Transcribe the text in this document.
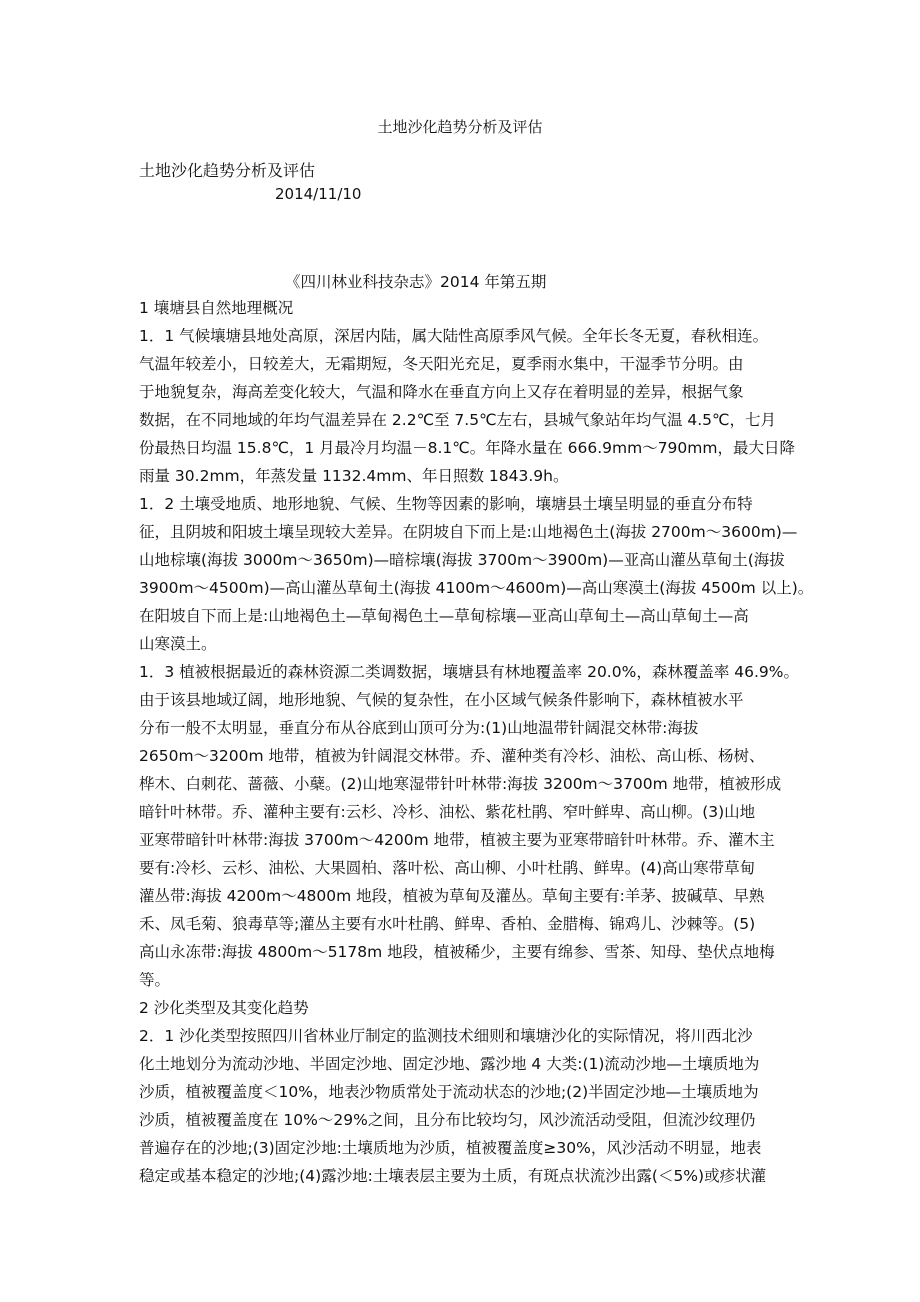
土地沙化趋势分析及评估
土地沙化趋势分析及评估
2014/11/10
《四川林业科技杂志》2014 年第五期
1 壤塘县自然地理概况
1．1 气候壤塘县地处高原，深居内陆，属大陆性高原季风气候。全年长冬无夏，春秋相连。
气温年较差小，日较差大，无霜期短，冬天阳光充足，夏季雨水集中，干湿季节分明。由
于地貌复杂，海高差变化较大，气温和降水在垂直方向上又存在着明显的差异，根据气象
数据，在不同地域的年均气温差异在 2.2℃至 7.5℃左右，县城气象站年均气温 4.5℃，七月
份最热日均温 15.8℃，1 月最冷月均温－8.1℃。年降水量在 666.9mm～790mm，最大日降
雨量 30.2mm，年蒸发量 1132.4mm、年日照数 1843.9h。
1．2 土壤受地质、地形地貌、气候、生物等因素的影响，壤塘县土壤呈明显的垂直分布特
征，且阴坡和阳坡土壤呈现较大差异。在阴坡自下而上是:山地褐色土(海拔 2700m～3600m)—
山地棕壤(海拔 3000m～3650m)—暗棕壤(海拔 3700m～3900m)—亚高山灌丛草甸土(海拔
3900m～4500m)—高山灌丛草甸土(海拔 4100m～4600m)—高山寒漠土(海拔 4500m 以上)。
在阳坡自下而上是:山地褐色土—草甸褐色土—草甸棕壤—亚高山草甸土—高山草甸土—高
山寒漠土。
1．3 植被根据最近的森林资源二类调数据，壤塘县有林地覆盖率 20.0%，森林覆盖率 46.9%。
由于该县地域辽阔，地形地貌、气候的复杂性，在小区域气候条件影响下，森林植被水平
分布一般不太明显，垂直分布从谷底到山顶可分为:(1)山地温带针阔混交林带:海拔
2650m～3200m 地带，植被为针阔混交林带。乔、灌种类有冷杉、油松、高山栎、杨树、
桦木、白刺花、蔷薇、小蘖。(2)山地寒湿带针叶林带:海拔 3200m～3700m 地带，植被形成
暗针叶林带。乔、灌种主要有:云杉、冷杉、油松、紫花杜鹃、窄叶鲜卑、高山柳。(3)山地
亚寒带暗针叶林带:海拔 3700m～4200m 地带，植被主要为亚寒带暗针叶林带。乔、灌木主
要有:冷杉、云杉、油松、大果圆柏、落叶松、高山柳、小叶杜鹃、鲜卑。(4)高山寒带草甸
灌丛带:海拔 4200m～4800m 地段，植被为草甸及灌丛。草甸主要有:羊茅、披碱草、早熟
禾、凤毛菊、狼毒草等;灌丛主要有水叶杜鹃、鲜卑、香柏、金腊梅、锦鸡儿、沙棘等。(5)
高山永冻带:海拔 4800m～5178m 地段，植被稀少，主要有绵参、雪茶、知母、垫伏点地梅
等。
2 沙化类型及其变化趋势
2．1 沙化类型按照四川省林业厅制定的监测技术细则和壤塘沙化的实际情况，将川西北沙
化土地划分为流动沙地、半固定沙地、固定沙地、露沙地 4 大类:(1)流动沙地—土壤质地为
沙质，植被覆盖度＜10%，地表沙物质常处于流动状态的沙地;(2)半固定沙地—土壤质地为
沙质，植被覆盖度在 10%～29%之间，且分布比较均匀，风沙流活动受阻，但流沙纹理仍
普遍存在的沙地;(3)固定沙地:土壤质地为沙质，植被覆盖度≥30%，风沙活动不明显，地表
稳定或基本稳定的沙地;(4)露沙地:土壤表层主要为土质，有斑点状流沙出露(＜5%)或疹状灌
